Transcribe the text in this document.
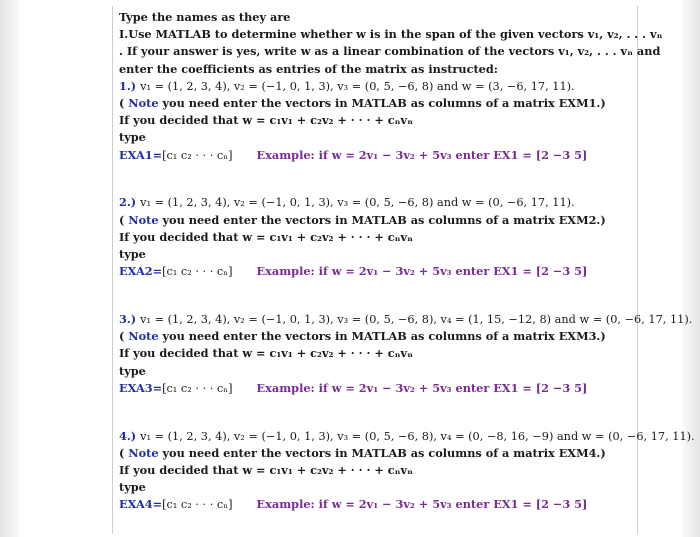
Type the names as they are
I.Use MATLAB to determine whether w is in the span of the given vectors v₁, v₂, . . . vₙ
. If your answer is yes, write w as a linear combination of the vectors v₁, v₂, . . . vₙ and
enter the coefficients as entries of the matrix as instructed:
1.) v₁ = (1, 2, 3, 4), v₂ = (−1, 0, 1, 3), v₃ = (0, 5, −6, 8) and w = (3, −6, 17, 11).
( Note you need enter the vectors in MATLAB as columns of a matrix EXM1.)
If you decided that w = c₁v₁ + c₂v₂ + · · · + cₙvₙ
type
EXA1=[c₁ c₂ · · · cₙ] Example: if w = 2v₁ − 3v₂ + 5v₃ enter EX1 = [2 −3 5]
2.) v₁ = (1, 2, 3, 4), v₂ = (−1, 0, 1, 3), v₃ = (0, 5, −6, 8) and w = (0, −6, 17, 11).
( Note you need enter the vectors in MATLAB as columns of a matrix EXM2.)
If you decided that w = c₁v₁ + c₂v₂ + · · · + cₙvₙ
type
EXA2=[c₁ c₂ · · · cₙ] Example: if w = 2v₁ − 3v₂ + 5v₃ enter EX1 = [2 −3 5]
3.) v₁ = (1, 2, 3, 4), v₂ = (−1, 0, 1, 3), v₃ = (0, 5, −6, 8), v₄ = (1, 15, −12, 8) and w = (0, −6, 17, 11).
( Note you need enter the vectors in MATLAB as columns of a matrix EXM3.)
If you decided that w = c₁v₁ + c₂v₂ + · · · + cₙvₙ
type
EXA3=[c₁ c₂ · · · cₙ] Example: if w = 2v₁ − 3v₂ + 5v₃ enter EX1 = [2 −3 5]
4.) v₁ = (1, 2, 3, 4), v₂ = (−1, 0, 1, 3), v₃ = (0, 5, −6, 8), v₄ = (0, −8, 16, −9) and w = (0, −6, 17, 11).
( Note you need enter the vectors in MATLAB as columns of a matrix EXM4.)
If you decided that w = c₁v₁ + c₂v₂ + · · · + cₙvₙ
type
EXA4=[c₁ c₂ · · · cₙ] Example: if w = 2v₁ − 3v₂ + 5v₃ enter EX1 = [2 −3 5]
